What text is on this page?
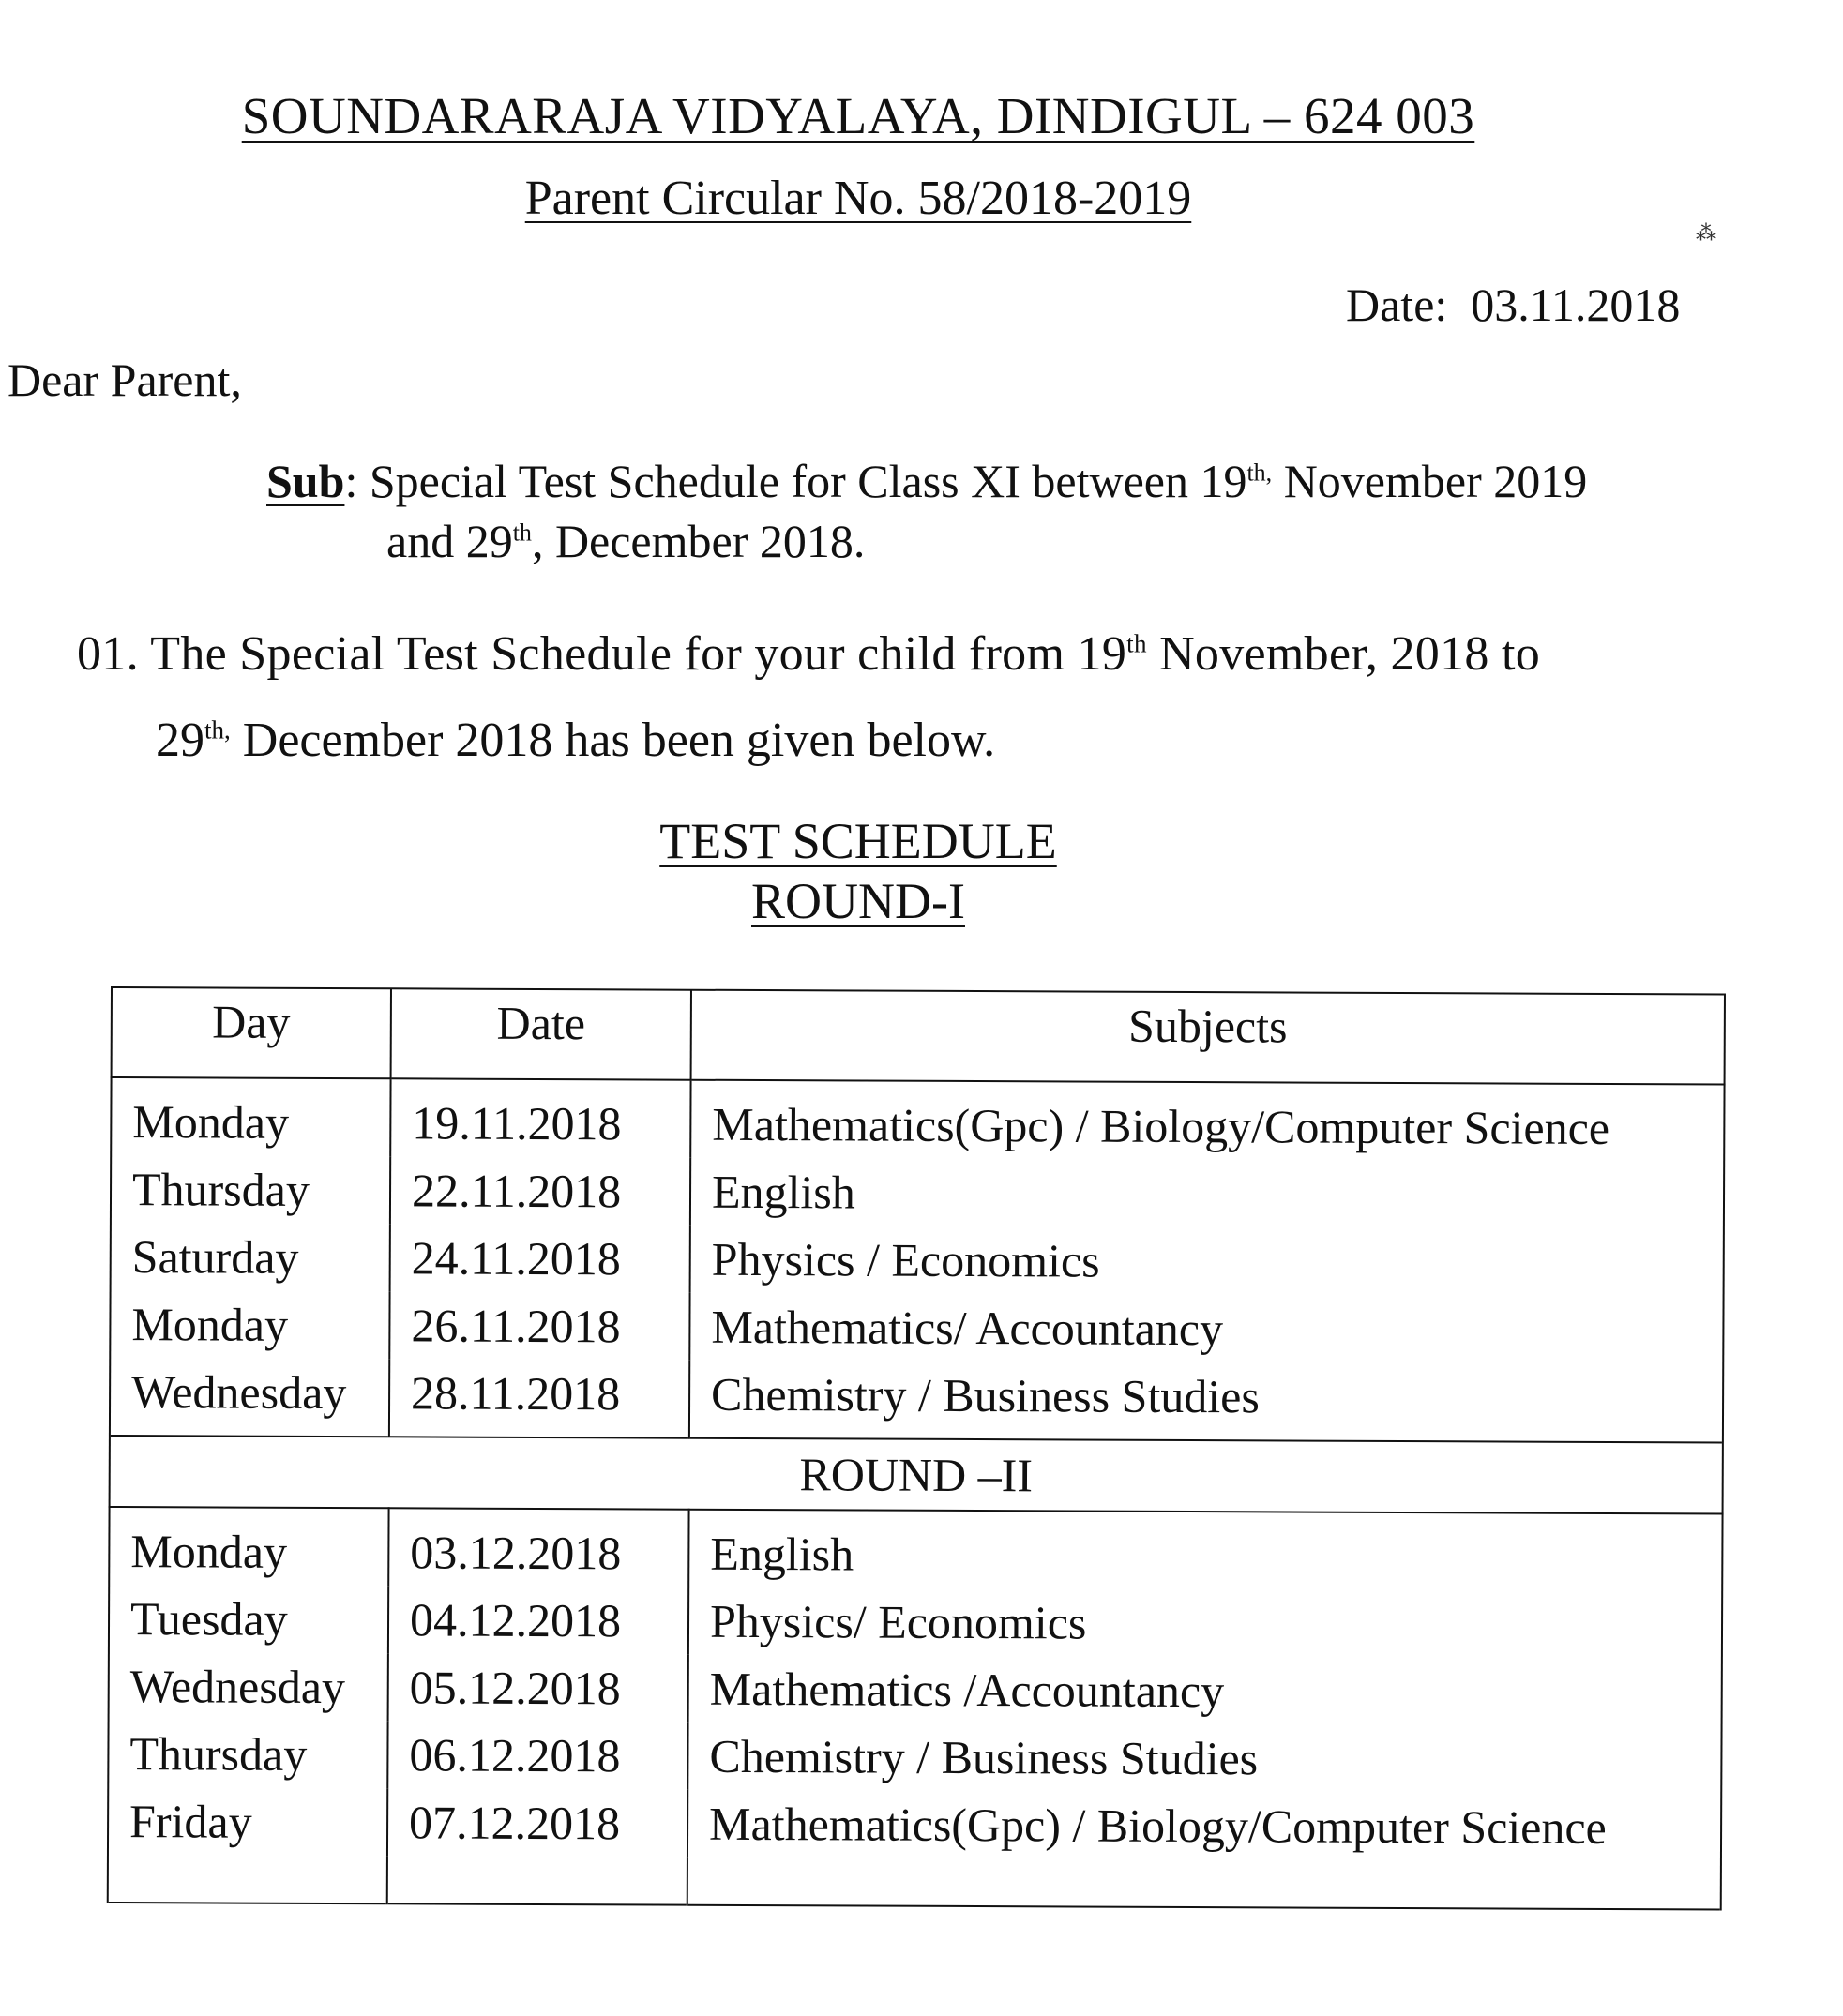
SOUNDARARAJA VIDYALAYA, DINDIGUL – 624 003
Parent Circular No. 58/2018-2019
⁂
Date: 03.11.2018
Dear Parent,
Sub: Special Test Schedule for Class XI between $19^{th,}$ November 2019
and 29th, December 2018.
01. The Special Test Schedule for your child from 19th November, 2018 to
$29^{th,}$ December 2018 has been given below.
TEST SCHEDULE
ROUND-I
Day	Date	Subjects
Monday	19.11.2018	Mathematics(Gpc) / Biology/Computer Science
Thursday	22.11.2018	English
Saturday	24.11.2018	Physics / Economics
Monday	26.11.2018	Mathematics/ Accountancy
Wednesday	28.11.2018	Chemistry / Business Studies
ROUND –II		
Monday	03.12.2018	English
Tuesday	04.12.2018	Physics/ Economics
Wednesday	05.12.2018	Mathematics /Accountancy
Thursday	06.12.2018	Chemistry / Business Studies
Friday	07.12.2018	Mathematics(Gpc) / Biology/Computer Science
